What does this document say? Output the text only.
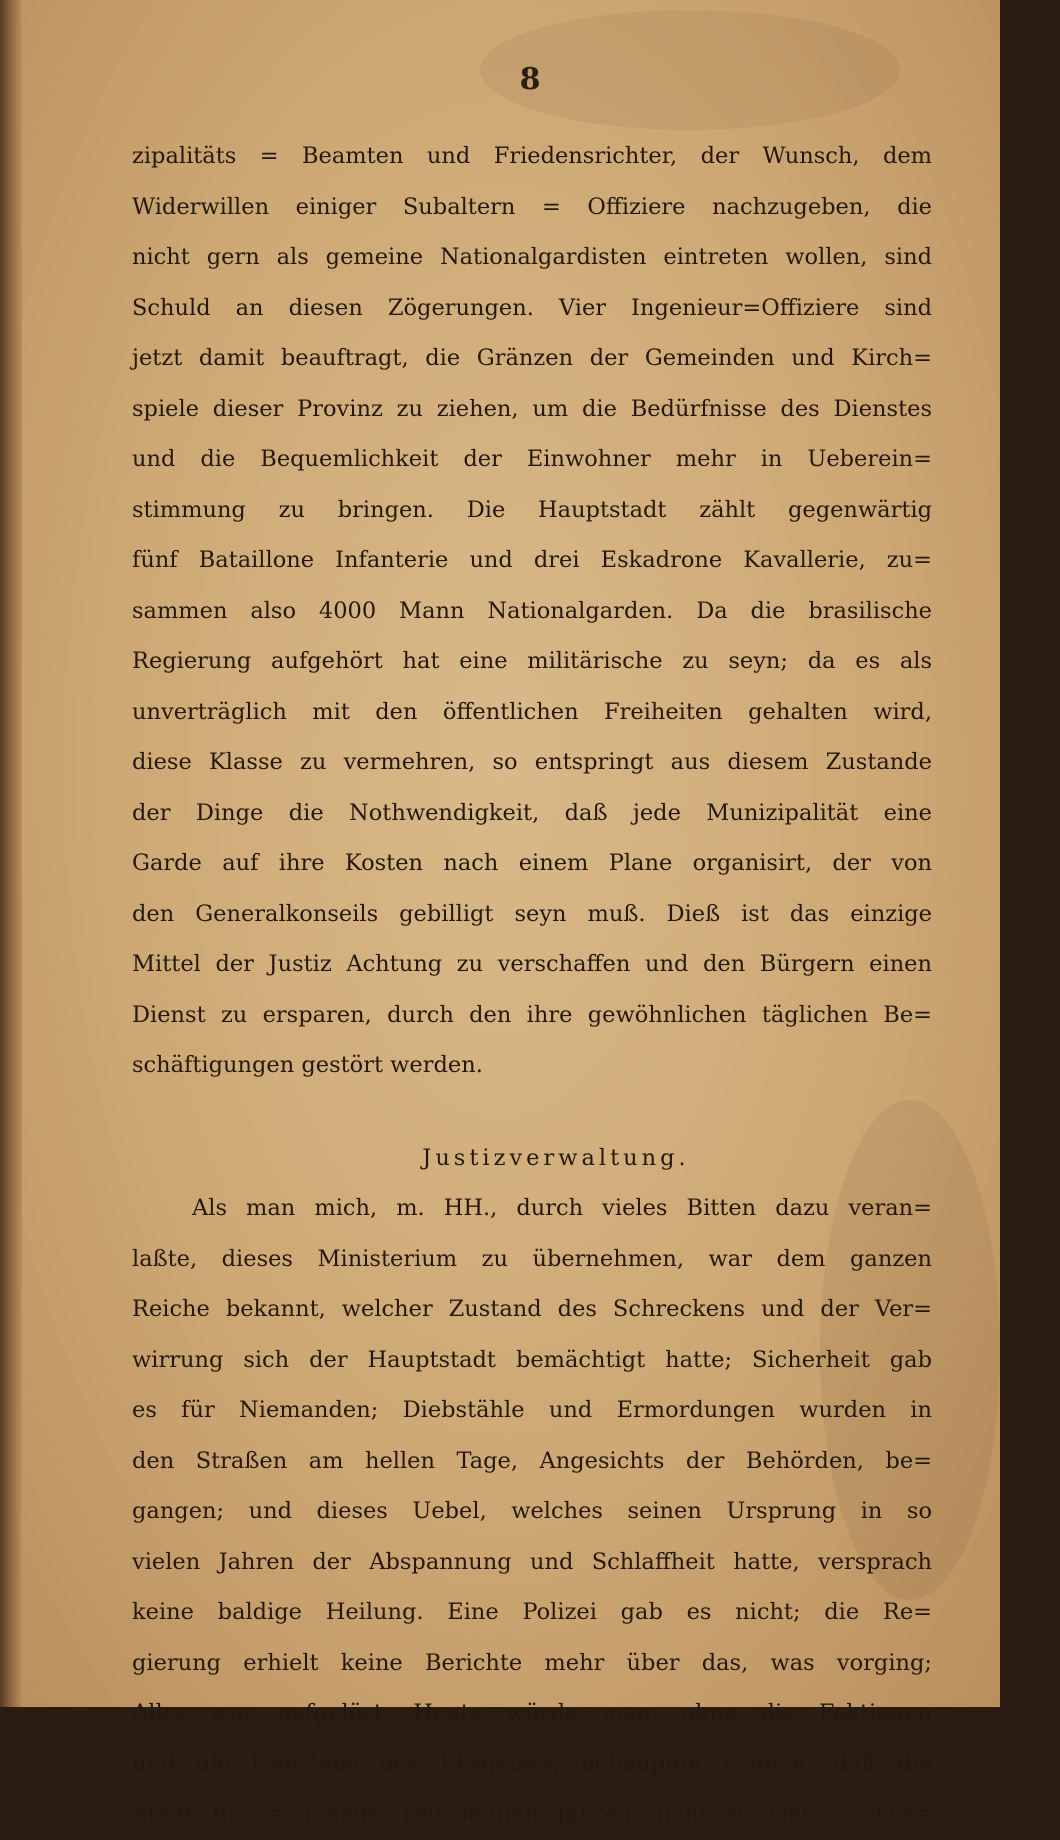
8
zipalitäts = Beamten und Friedensrichter, der Wunsch, dem
Widerwillen einiger Subaltern = Offiziere nachzugeben, die
nicht gern als gemeine Nationalgardisten eintreten wollen, sind
Schuld an diesen Zögerungen. Vier Ingenieur=Offiziere sind
jetzt damit beauftragt, die Gränzen der Gemeinden und Kirch=
spiele dieser Provinz zu ziehen, um die Bedürfnisse des Dienstes
und die Bequemlichkeit der Einwohner mehr in Ueberein=
stimmung zu bringen. Die Hauptstadt zählt gegenwärtig
fünf Bataillone Infanterie und drei Eskadrone Kavallerie, zu=
sammen also 4000 Mann Nationalgarden. Da die brasilische
Regierung aufgehört hat eine militärische zu seyn; da es als
unverträglich mit den öffentlichen Freiheiten gehalten wird,
diese Klasse zu vermehren, so entspringt aus diesem Zustande
der Dinge die Nothwendigkeit, daß jede Munizipalität eine
Garde auf ihre Kosten nach einem Plane organisirt, der von
den Generalkonseils gebilligt seyn muß. Dieß ist das einzige
Mittel der Justiz Achtung zu verschaffen und den Bürgern einen
Dienst zu ersparen, durch den ihre gewöhnlichen täglichen Be=
schäftigungen gestört werden.
Justizverwaltung.
Als man mich, m. HH., durch vieles Bitten dazu veran=
laßte, dieses Ministerium zu übernehmen, war dem ganzen
Reiche bekannt, welcher Zustand des Schreckens und der Ver=
wirrung sich der Hauptstadt bemächtigt hatte; Sicherheit gab
es für Niemanden; Diebstähle und Ermordungen wurden in
den Straßen am hellen Tage, Angesichts der Behörden, be=
gangen; und dieses Uebel, welches seinen Ursprung in so
vielen Jahren der Abspannung und Schlaffheit hatte, versprach
keine baldige Heilung. Eine Polizei gab es nicht; die Re=
gierung erhielt keine Berichte mehr über das, was vorging;
Alles war aufgelöst. Heute würde man, ohne die Faktionen
und die Umtriebe des Ehrgeizes, behaupten können, daß die
Stadt Rio = Janeiro seit langen Jahren nicht so viele Sicher=
